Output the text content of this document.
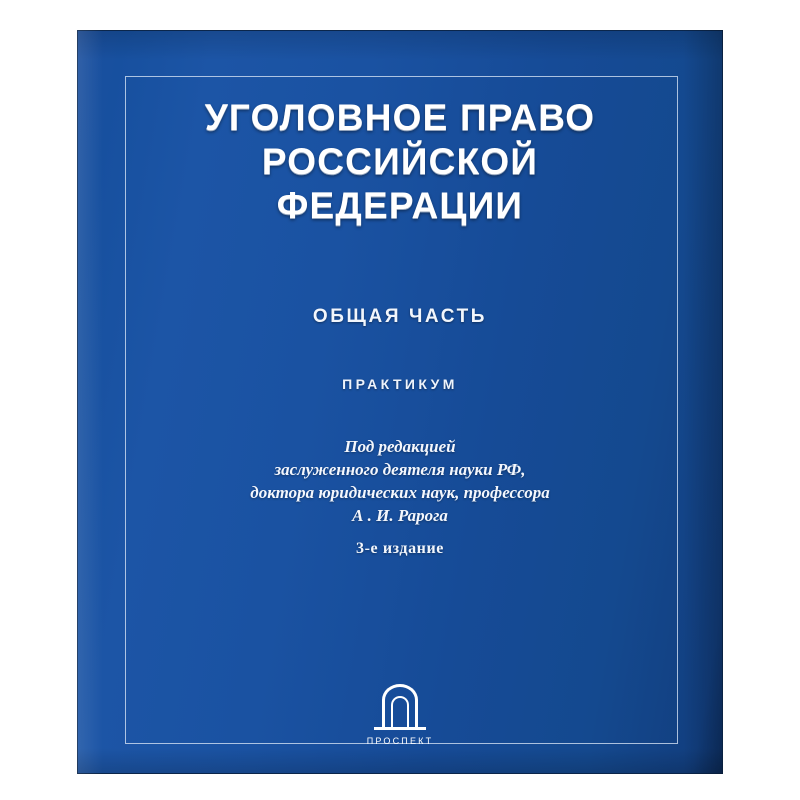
УГОЛОВНОЕ ПРАВО
РОССИЙСКОЙ
ФЕДЕРАЦИИ
ОБЩАЯ ЧАСТЬ
ПРАКТИКУМ
Под редакцией
заслуженного деятеля науки РФ,
доктора юридических наук, профессора
А . И. Рарога
3-е издание
ПРОСПЕКТ
